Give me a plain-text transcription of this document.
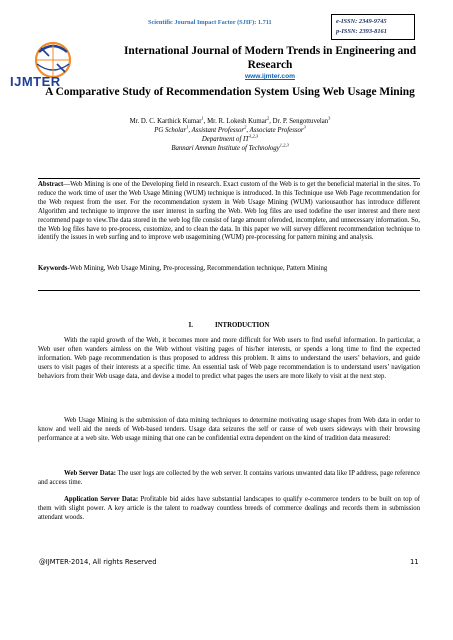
Scientific Journal Impact Factor (SJIF): 1.711	e-ISSN: 2349-9745
p-ISSN: 2393-8161
IJMTER
International Journal of Modern Trends in Engineering and Research
www.ijmter.com
A Comparative Study of Recommendation System Using Web Usage Mining
Mr. D. C. Karthick Kumar$^1$, Mr. R. Lokesh Kumar$^2$, Dr. P. Sengottuvelan$^3$
PG Scholar$^1$, Assistant Professor$^2$, Associate Professor$^3$
Department of IT$^{1,2,3}$
Bannari Amman Institute of Technology$^{1,2,3}$
Abstract—Web Mining is one of the Developing field in research. Exact custom of the Web is to get the beneficial material in the sites. To reduce the work time of user the Web Usage Mining (WUM) technique is introduced. In this Technique use Web Page recommendation for the Web request from the user. For the recommendation system in Web Usage Mining (WUM) variousauthor has introduce different Algorithm and technique to improve the user interest in surfing the Web. Web log files are used todefine the user interest and there next recommend page to view.The data stored in the web log file consist of large amount oferoded, incomplete, and unnecessary information. So, the Web log files have to pre-process, customize, and to clean the data. In this paper we will survey different recommendation technique to identify the issues in web surfing and to improve web usagemining (WUM) pre-processing for pattern mining and analysis.
Keywords-Web Mining, Web Usage Mining, Pre-processing, Recommendation technique, Pattern Mining
I.	INTRODUCTION
With the rapid growth of the Web, it becomes more and more difficult for Web users to find useful information. In particular, a Web user often wanders aimless on the Web without visiting pages of his/her interests, or spends a long time to find the expected information. Web page recommendation is thus proposed to address this problem. It aims to understand the users’ behaviors, and guide users to visit pages of their interests at a specific time. An essential task of Web page recommendation is to understand users’ navigation behaviors from their Web usage data, and devise a model to predict what pages the users are more likely to visit at the next step.
Web Usage Mining is the submission of data mining techniques to determine motivating usage shapes from Web data in order to know and well aid the needs of Web-based tenders. Usage data seizures the self or cause of web users sideways with their browsing performance at a web site. Web usage mining that one can be confidential extra dependent on the kind of tradition data measured:
Web Server Data: The user logs are collected by the web server. It contains various unwanted data like IP address, page reference and access time.
Application Server Data: Profitable bid aides have substantial landscapes to qualify e-commerce tenders to be built on top of them with slight power. A key article is the talent to roadway countless breeds of commerce dealings and records them in submission attendant woods.
@IJMTER-2014, All rights Reserved	11
